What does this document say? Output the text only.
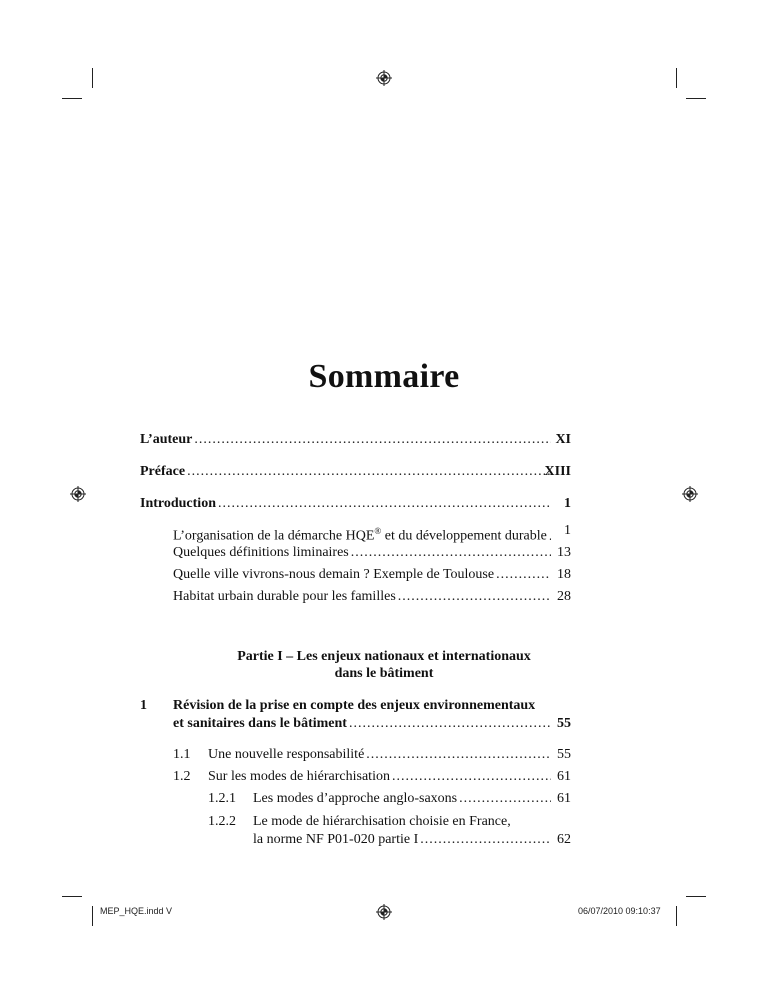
Sommaire
L’auteur .....	XI
Préface .....	XIII
Introduction .....	1
L’organisation de la démarche HQE® et du développement durable .....	1
Quelques définitions liminaires .....	13
Quelle ville vivrons-nous demain ? Exemple de Toulouse .....	18
Habitat urbain durable pour les familles .....	28
Partie I – Les enjeux nationaux et internationaux
dans le bâtiment
1 Révision de la prise en compte des enjeux environnementaux
et sanitaires dans le bâtiment .....	55
1.1 Une nouvelle responsabilité .....	55
1.2 Sur les modes de hiérarchisation .....	61
1.2.1 Les modes d’approche anglo-saxons .....	61
1.2.2 Le mode de hiérarchisation choisie en France,
la norme NF P01-020 partie I .....	62
MEP_HQE.indd V	06/07/2010 09:10:37
